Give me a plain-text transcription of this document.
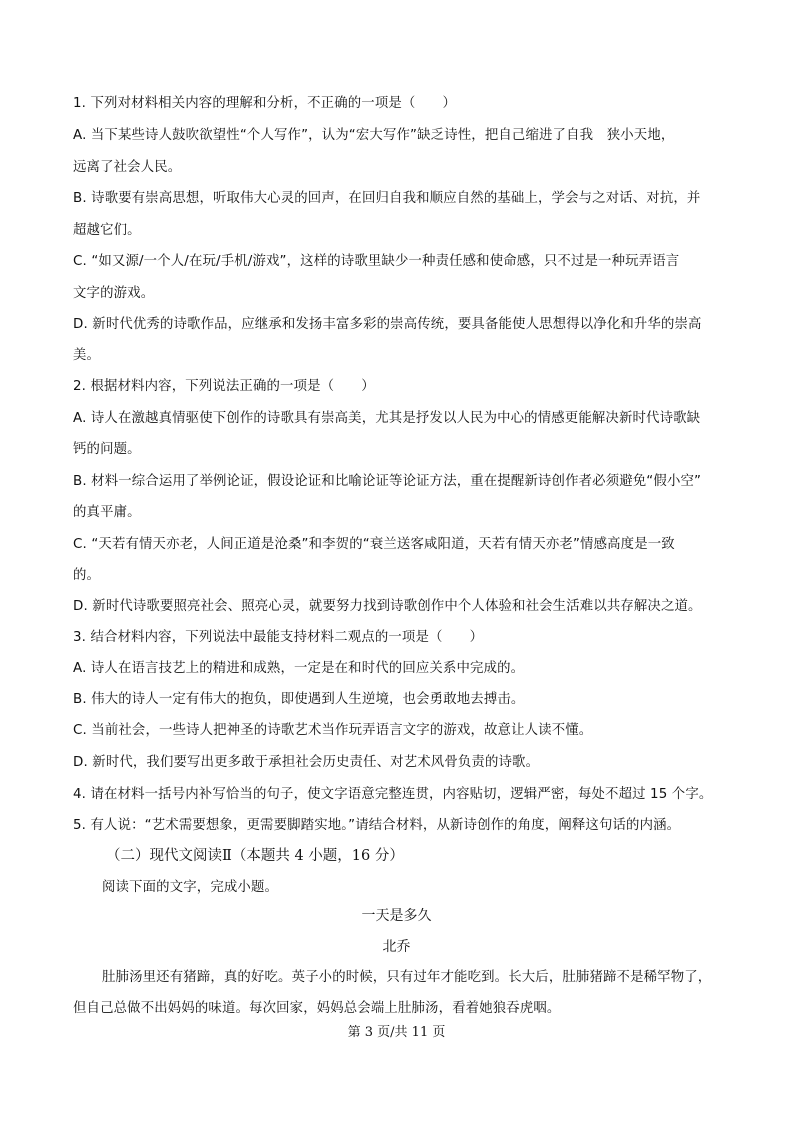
1. 下列对材料相关内容的理解和分析，不正确的一项是（　　）
A. 当下某些诗人鼓吹欲望性“个人写作”，认为“宏大写作”缺乏诗性，把自己缩进了自我　狭小天地，
远离了社会人民。
B. 诗歌要有崇高思想，听取伟大心灵的回声，在回归自我和顺应自然的基础上，学会与之对话、对抗，并
超越它们。
C. “如又源/一个人/在玩/手机/游戏”，这样的诗歌里缺少一种责任感和使命感，只不过是一种玩弄语言
文字的游戏。
D. 新时代优秀的诗歌作品，应继承和发扬丰富多彩的崇高传统，要具备能使人思想得以净化和升华的崇高
美。
2. 根据材料内容，下列说法正确的一项是（　　）
A. 诗人在激越真情驱使下创作的诗歌具有崇高美，尤其是抒发以人民为中心的情感更能解决新时代诗歌缺
钙的问题。
B. 材料一综合运用了举例论证，假设论证和比喻论证等论证方法，重在提醒新诗创作者必须避免“假小空”
的真平庸。
C. “天若有情天亦老，人间正道是沧桑”和李贺的“衰兰送客咸阳道，天若有情天亦老”情感高度是一致
的。
D. 新时代诗歌要照亮社会、照亮心灵，就要努力找到诗歌创作中个人体验和社会生活难以共存解决之道。
3. 结合材料内容，下列说法中最能支持材料二观点的一项是（　　）
A. 诗人在语言技艺上的精进和成熟，一定是在和时代的回应关系中完成的。
B. 伟大的诗人一定有伟大的抱负，即使遇到人生逆境，也会勇敢地去搏击。
C. 当前社会，一些诗人把神圣的诗歌艺术当作玩弄语言文字的游戏，故意让人读不懂。
D. 新时代，我们要写出更多敢于承担社会历史责任、对艺术风骨负责的诗歌。
4. 请在材料一括号内补写恰当的句子，使文字语意完整连贯，内容贴切，逻辑严密，每处不超过 15 个字。
5. 有人说：“艺术需要想象，更需要脚踏实地。”请结合材料，从新诗创作的角度，阐释这句话的内涵。
（二）现代文阅读Ⅱ（本题共 4 小题，16 分）
阅读下面的文字，完成小题。
一天是多久
北乔
肚肺汤里还有猪蹄，真的好吃。英子小的时候，只有过年才能吃到。长大后，肚肺猪蹄不是稀罕物了，
但自己总做不出妈妈的味道。每次回家，妈妈总会端上肚肺汤，看着她狼吞虎咽。
第 3 页/共 11 页
